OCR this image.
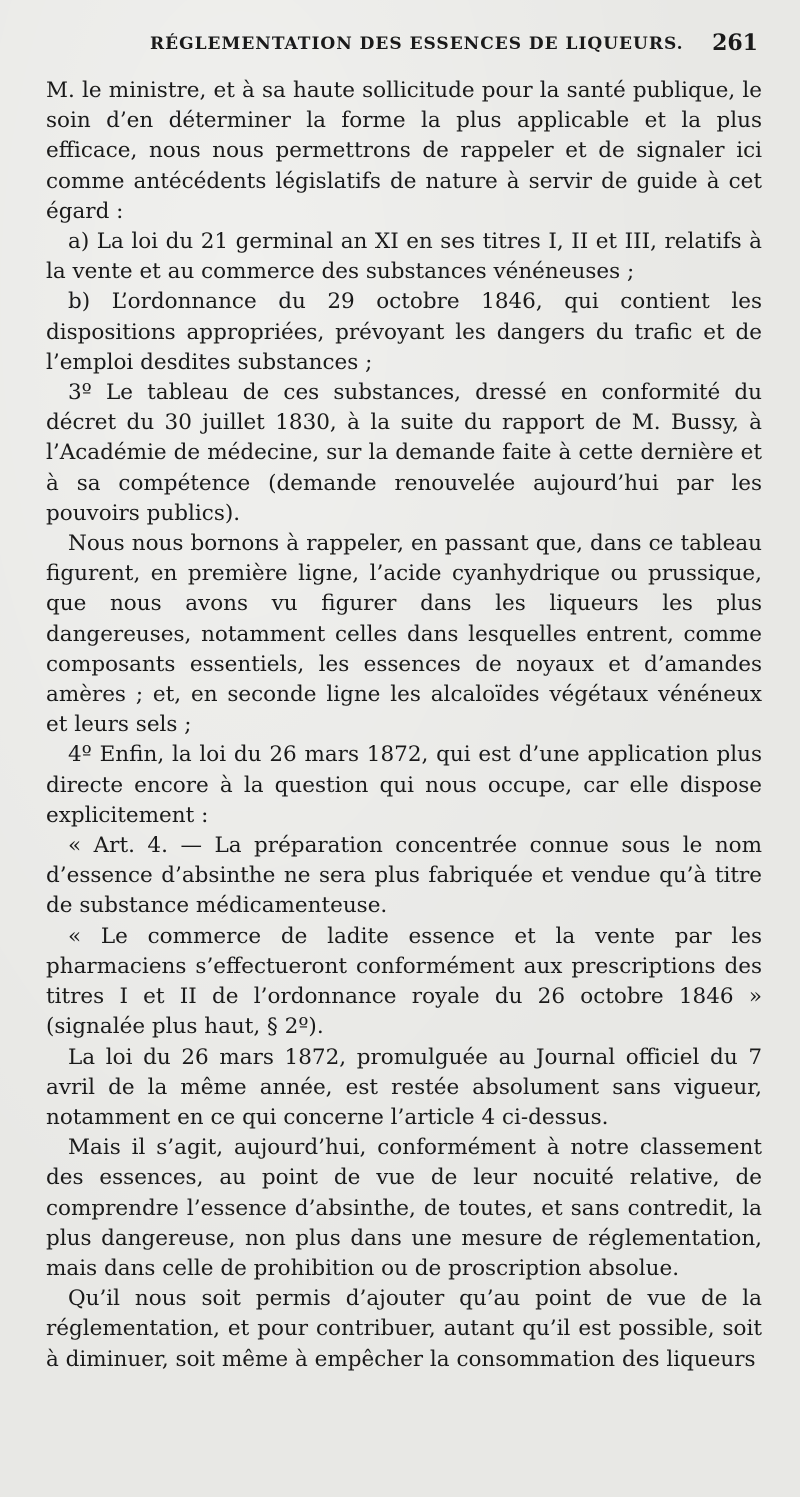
RÉGLEMENTATION DES ESSENCES DE LIQUEURS. 261

M. le ministre, et à sa haute sollicitude pour la santé publique, le soin d’en déterminer la forme la plus applicable et la plus efficace, nous nous permettrons de rappeler et de signaler ici comme antécédents législatifs de nature à servir de guide à cet égard :

a) La loi du 21 germinal an XI en ses titres I, II et III, relatifs à la vente et au commerce des substances vénéneuses ;

b) L’ordonnance du 29 octobre 1846, qui contient les dispositions appropriées, prévoyant les dangers du trafic et de l’emploi desdites substances ;

3º Le tableau de ces substances, dressé en conformité du décret du 30 juillet 1830, à la suite du rapport de M. Bussy, à l’Académie de médecine, sur la demande faite à cette dernière et à sa compétence (demande renouvelée aujourd’hui par les pouvoirs publics).

Nous nous bornons à rappeler, en passant que, dans ce tableau figurent, en première ligne, l’acide cyanhydrique ou prussique, que nous avons vu figurer dans les liqueurs les plus dangereuses, notamment celles dans lesquelles entrent, comme composants essentiels, les essences de noyaux et d’amandes amères ; et, en seconde ligne les alcaloïdes végétaux vénéneux et leurs sels ;

4º Enfin, la loi du 26 mars 1872, qui est d’une application plus directe encore à la question qui nous occupe, car elle dispose explicitement :

« Art. 4. — La préparation concentrée connue sous le nom d’essence d’absinthe ne sera plus fabriquée et vendue qu’à titre de substance médicamenteuse.

« Le commerce de ladite essence et la vente par les pharmaciens s’effectueront conformément aux prescriptions des titres I et II de l’ordonnance royale du 26 octobre 1846 » (signalée plus haut, § 2º).

La loi du 26 mars 1872, promulguée au Journal officiel du 7 avril de la même année, est restée absolument sans vigueur, notamment en ce qui concerne l’article 4 ci-dessus.

Mais il s’agit, aujourd’hui, conformément à notre classement des essences, au point de vue de leur nocuité relative, de comprendre l’essence d’absinthe, de toutes, et sans contredit, la plus dangereuse, non plus dans une mesure de réglementation, mais dans celle de prohibition ou de proscription absolue.

Qu’il nous soit permis d’ajouter qu’au point de vue de la réglementation, et pour contribuer, autant qu’il est possible, soit à diminuer, soit même à empêcher la consommation des liqueurs
